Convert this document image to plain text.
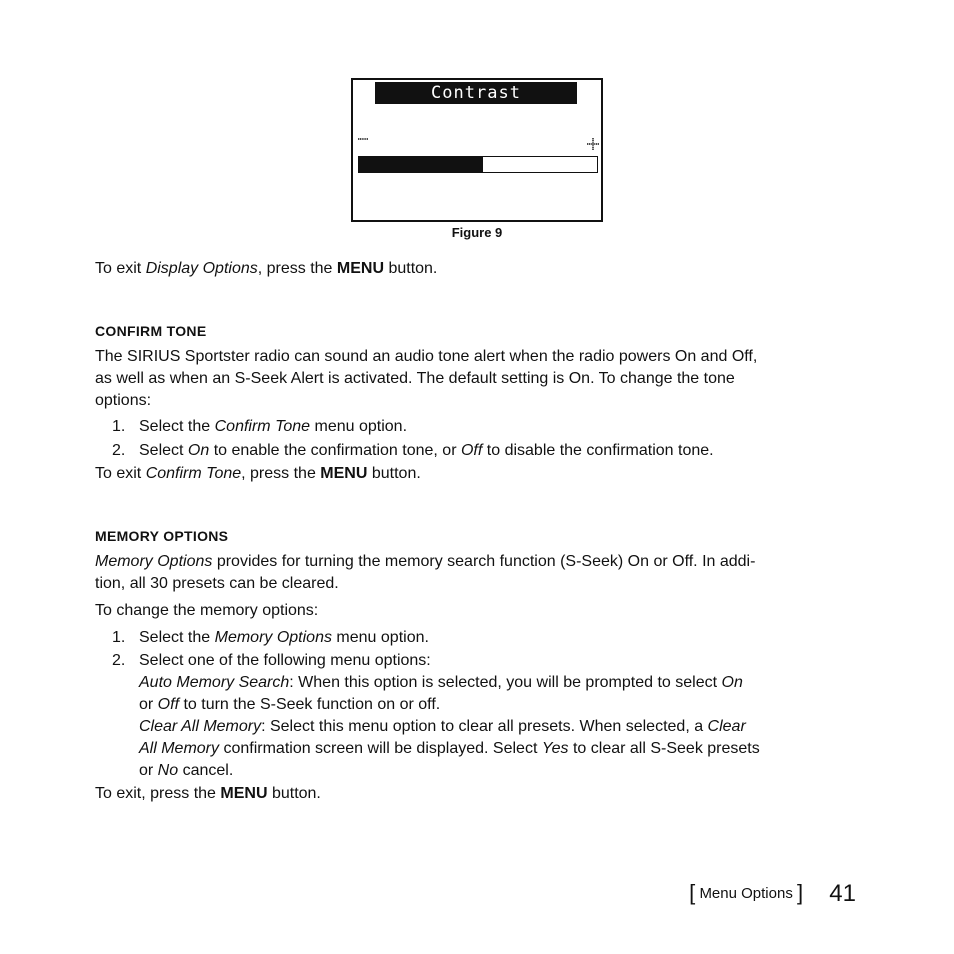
Contrast
Figure 9
To exit Display Options, press the MENU button.
CONFIRM TONE
The SIRIUS Sportster radio can sound an audio tone alert when the radio powers On and Off,
as well as when an S-Seek Alert is activated. The default setting is On. To change the tone
options:
1. Select the Confirm Tone menu option.
2. Select On to enable the confirmation tone, or Off to disable the confirmation tone.
To exit Confirm Tone, press the MENU button.
MEMORY OPTIONS
Memory Options provides for turning the memory search function (S-Seek) On or Off. In addi-
tion, all 30 presets can be cleared.
To change the memory options:
1. Select the Memory Options menu option.
2. Select one of the following menu options:
Auto Memory Search: When this option is selected, you will be prompted to select On
or Off to turn the S-Seek function on or off.
Clear All Memory: Select this menu option to clear all presets. When selected, a Clear
All Memory confirmation screen will be displayed. Select Yes to clear all S-Seek presets
or No cancel.
To exit, press the MENU button.
[ Menu Options ] 41
